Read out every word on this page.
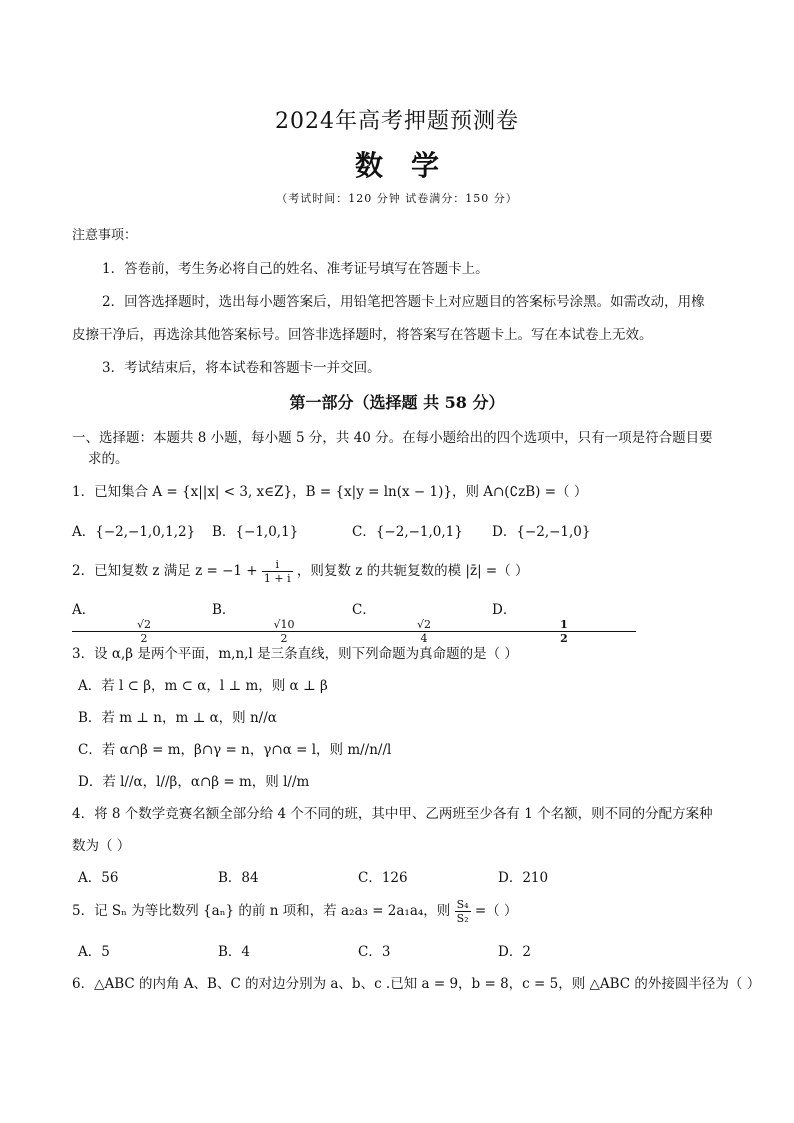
2024年高考押题预测卷
数学
（考试时间：120 分钟 试卷满分：150 分）
注意事项：
1．答卷前，考生务必将自己的姓名、准考证号填写在答题卡上。
2．回答选择题时，选出每小题答案后，用铅笔把答题卡上对应题目的答案标号涂黑。如需改动，用橡
皮擦干净后，再选涂其他答案标号。回答非选择题时，将答案写在答题卡上。写在本试卷上无效。
3．考试结束后，将本试卷和答题卡一并交回。
第一部分（选择题 共 58 分）
一、选择题：本题共 8 小题，每小题 5 分，共 40 分。在每小题给出的四个选项中，只有一项是符合题目要
求的。
1．已知集合 A = {x||x| < 3, x∈Z}，B = {x|y = ln(x − 1)}，则 A∩(∁ᴢB) =（ ）
A．{−2,−1,0,1,2}	B．{−1,0,1}	C．{−2,−1,0,1}	D．{−2,−1,0}
2．已知复数 z 满足 $z = -1 + \frac{i}{1 + i}$ ，则复数 z 的共轭复数的模 |z̄| =（ ）
A．
$\frac{√2}{2}$
B．
$\frac{√10}{2}$
C．
$\frac{√2}{4}$
D．
$\frac{1}{2}$
3．设 α,β 是两个平面，m,n,l 是三条直线，则下列命题为真命题的是（ ）
A．若 l ⊂ β，m ⊂ α，l ⊥ m，则 α ⊥ β
B．若 m ⊥ n，m ⊥ α，则 n//α
C．若 α∩β = m，β∩γ = n，γ∩α = l，则 m//n//l
D．若 l//α，l//β，α∩β = m，则 l//m
4．将 8 个数学竞赛名额全部分给 4 个不同的班，其中甲、乙两班至少各有 1 个名额，则不同的分配方案种
数为（ ）
A．56	B．84	C．126	D．210
5．记 Sₙ 为等比数列 {aₙ} 的前 n 项和，若 a₂a₃ = 2a₁a₄，则 $\frac{\text{S₄}}{\text{S₂}}$ =（ ）
A．5	B．4	C．3	D．2
6．△ABC 的内角 A、B、C 的对边分别为 a、b、c .已知 a = 9，b = 8，c = 5，则 △ABC 的外接圆半径为（ ）
